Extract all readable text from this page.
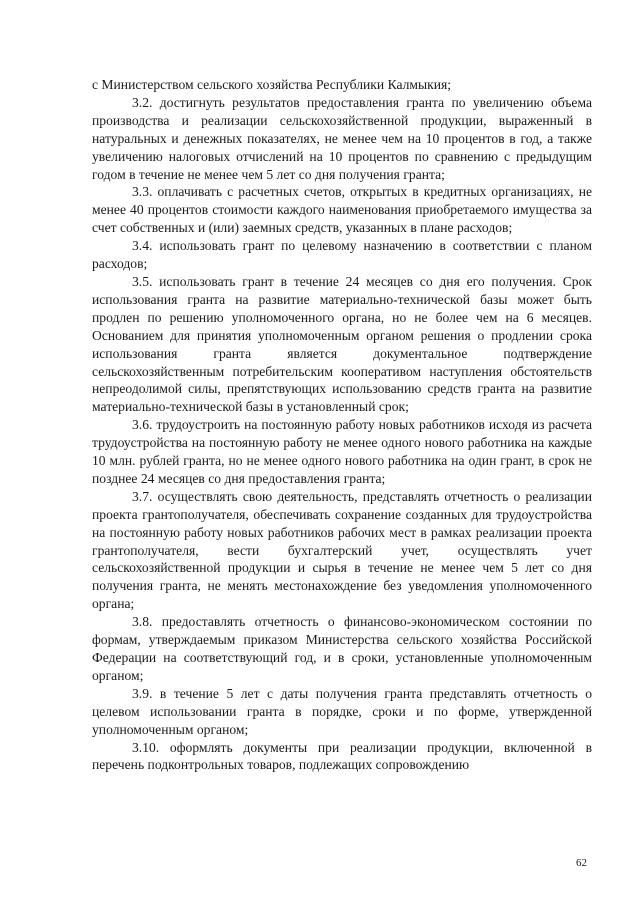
с Министерством сельского хозяйства Республики Калмыкия;

3.2. достигнуть результатов предоставления гранта по увеличению объема производства и реализации сельскохозяйственной продукции, выраженный в натуральных и денежных показателях, не менее чем на 10 процентов в год, а также увеличению налоговых отчислений на 10 процентов по сравнению с предыдущим годом в течение не менее чем 5 лет со дня получения гранта;

3.3. оплачивать с расчетных счетов, открытых в кредитных организациях, не менее 40 процентов стоимости каждого наименования приобретаемого имущества за счет собственных и (или) заемных средств, указанных в плане расходов;

3.4. использовать грант по целевому назначению в соответствии с планом расходов;

3.5. использовать грант в течение 24 месяцев со дня его получения. Срок использования гранта на развитие материально-технической базы может быть продлен по решению уполномоченного органа, но не более чем на 6 месяцев. Основанием для принятия уполномоченным органом решения о продлении срока использования гранта является документальное подтверждение сельскохозяйственным потребительским кооперативом наступления обстоятельств непреодолимой силы, препятствующих использованию средств гранта на развитие материально-технической базы в установленный срок;

3.6. трудоустроить на постоянную работу новых работников исходя из расчета трудоустройства на постоянную работу не менее одного нового работника на каждые 10 млн. рублей гранта, но не менее одного нового работника на один грант, в срок не позднее 24 месяцев со дня предоставления гранта;

3.7. осуществлять свою деятельность, представлять отчетность о реализации проекта грантополучателя, обеспечивать сохранение созданных для трудоустройства на постоянную работу новых работников рабочих мест в рамках реализации проекта грантополучателя, вести бухгалтерский учет, осуществлять учет сельскохозяйственной продукции и сырья в течение не менее чем 5 лет со дня получения гранта, не менять местонахождение без уведомления уполномоченного органа;

3.8. предоставлять отчетность о финансово-экономическом состоянии по формам, утверждаемым приказом Министерства сельского хозяйства Российской Федерации на соответствующий год, и в сроки, установленные уполномоченным органом;

3.9. в течение 5 лет с даты получения гранта представлять отчетность о целевом использовании гранта в порядке, сроки и по форме, утвержденной уполномоченным органом;

3.10. оформлять документы при реализации продукции, включенной в перечень подконтрольных товаров, подлежащих сопровождению

62
